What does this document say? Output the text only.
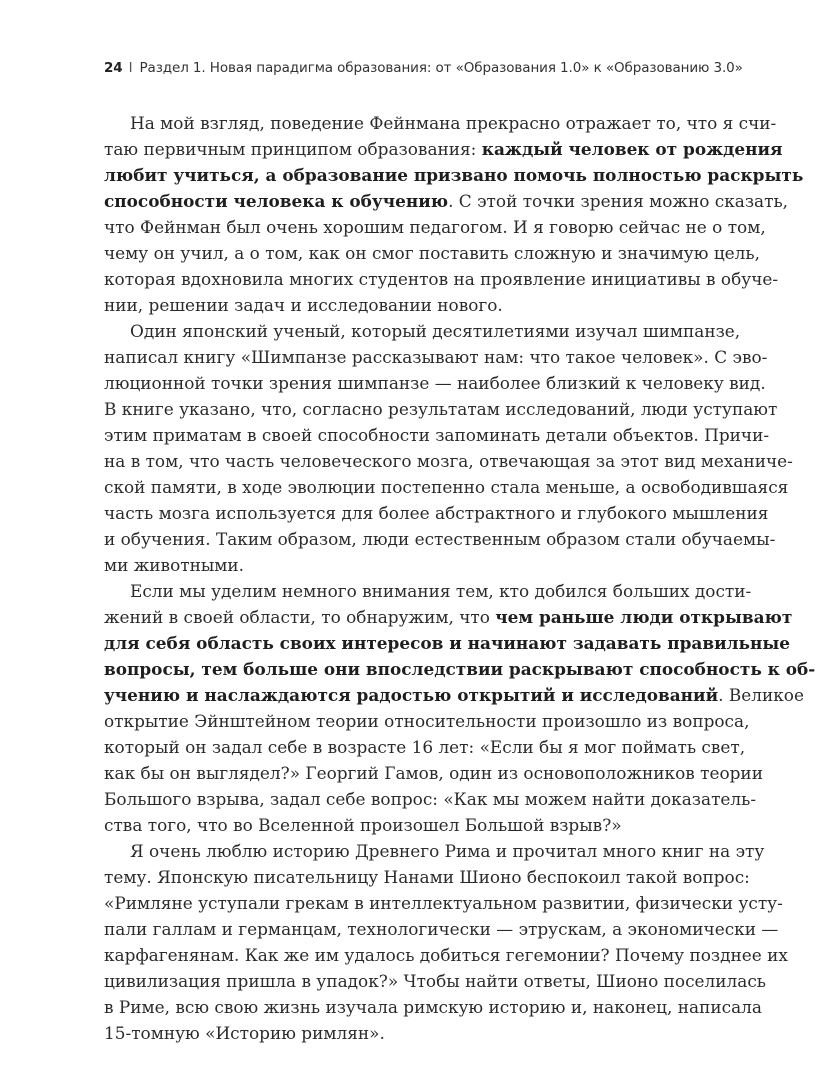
24 I Раздел 1. Новая парадигма образования: от «Образования 1.0» к «Образованию 3.0»
На мой взгляд, поведение Фейнмана прекрасно отражает то, что я счи-
таю первичным принципом образования: каждый человек от рождения
любит учиться, а образование призвано помочь полностью раскрыть
способности человека к обучению. С этой точки зрения можно сказать,
что Фейнман был очень хорошим педагогом. И я говорю сейчас не о том,
чему он учил, а о том, как он смог поставить сложную и значимую цель,
которая вдохновила многих студентов на проявление инициативы в обуче-
нии, решении задач и исследовании нового.
Один японский ученый, который десятилетиями изучал шимпанзе,
написал книгу «Шимпанзе рассказывают нам: что такое человек». С эво-
люционной точки зрения шимпанзе — наиболее близкий к человеку вид.
В книге указано, что, согласно результатам исследований, люди уступают
этим приматам в своей способности запоминать детали объектов. Причи-
на в том, что часть человеческого мозга, отвечающая за этот вид механиче-
ской памяти, в ходе эволюции постепенно стала меньше, а освободившаяся
часть мозга используется для более абстрактного и глубокого мышления
и обучения. Таким образом, люди естественным образом стали обучаемы-
ми животными.
Если мы уделим немного внимания тем, кто добился больших дости-
жений в своей области, то обнаружим, что чем раньше люди открывают
для себя область своих интересов и начинают задавать правильные
вопросы, тем больше они впоследствии раскрывают способность к об-
учению и наслаждаются радостью открытий и исследований. Великое
открытие Эйнштейном теории относительности произошло из вопроса,
который он задал себе в возрасте 16 лет: «Если бы я мог поймать свет,
как бы он выглядел?» Георгий Гамов, один из основоположников теории
Большого взрыва, задал себе вопрос: «Как мы можем найти доказатель-
ства того, что во Вселенной произошел Большой взрыв?»
Я очень люблю историю Древнего Рима и прочитал много книг на эту
тему. Японскую писательницу Нанами Шионо беспокоил такой вопрос:
«Римляне уступали грекам в интеллектуальном развитии, физически усту-
пали галлам и германцам, технологически — этрускам, а экономически —
карфагенянам. Как же им удалось добиться гегемонии? Почему позднее их
цивилизация пришла в упадок?» Чтобы найти ответы, Шионо поселилась
в Риме, всю свою жизнь изучала римскую историю и, наконец, написала
15-томную «Историю римлян».
